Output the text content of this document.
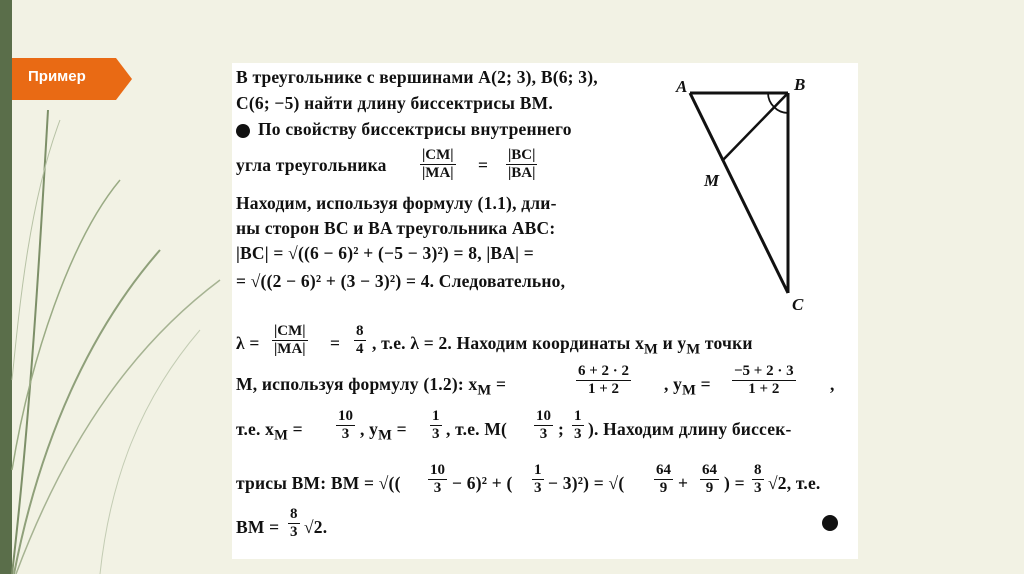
Пример	В треугольнике с вершинами A(2; 3), B(6; 3),
C(6; −5) найти длину биссектрисы BM.
По свойству биссектрисы внутреннего
угла треугольника $\frac{|CM|}{|MA|} = \frac{|BC|}{|BA|}$
Находим, используя формулу (1.1), дли-
ны сторон BC и BA треугольника ABC:
|BC| = √((6 − 6)² + (−5 − 3)²) = 8, |BA| =
= √((2 − 6)² + (3 − 3)²) = 4. Следовательно,
$\lambda = \frac{|CM|}{|MA|} = \frac{8}{4}$ , т.е. λ = 2. Находим координаты $x_M$ и $y_M$ точки
M, используя формулу (1.2): $x_M$ =	$\frac{6 + 2 \cdot 2}{1 + 2}$ , $y_M = \frac{-5 + 2 \cdot 3}{1 + 2}$ ,
т.е. $x_M = \frac{10}{3}$ , $y_M = \frac{1}{3}$ , т.е. $M( \frac{10}{3}$ ; $\frac{1}{3}$ ). Находим длину биссек-
трисы BM: BM = √(( $\frac{10}{3} - 6)^2$ + ( $\frac{1}{3} - 3)^2$) = √( $\frac{64}{9} + \frac{64}{9}$ ) = $\frac{8}{3} √2$, т.е.
BM = $\frac{8}{3} √2$.
A	B
M
C
